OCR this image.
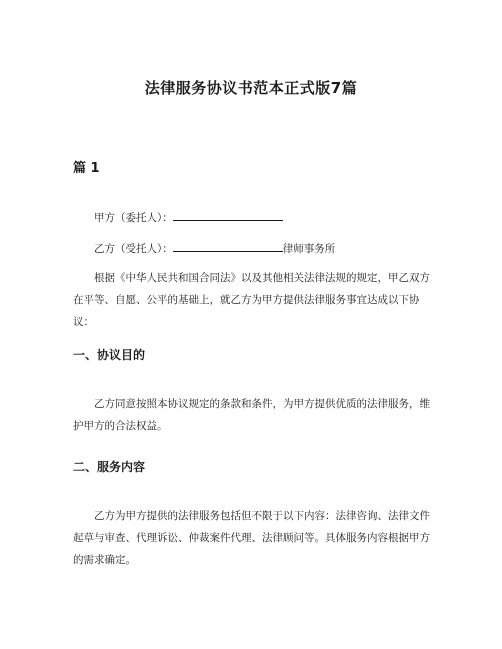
法律服务协议书范本正式版7篇
篇 1
甲方（委托人）：
乙方（受托人）：	律师事务所
根据《中华人民共和国合同法》以及其他相关法律法规的规定，甲乙双方在平等、自愿、公平的基础上，就乙方为甲方提供法律服务事宜达成以下协议：
一、协议目的
乙方同意按照本协议规定的条款和条件，为甲方提供优质的法律服务，维护甲方的合法权益。
二、服务内容
乙方为甲方提供的法律服务包括但不限于以下内容：法律咨询、法律文件起草与审查、代理诉讼、仲裁案件代理、法律顾问等。具体服务内容根据甲方的需求确定。
